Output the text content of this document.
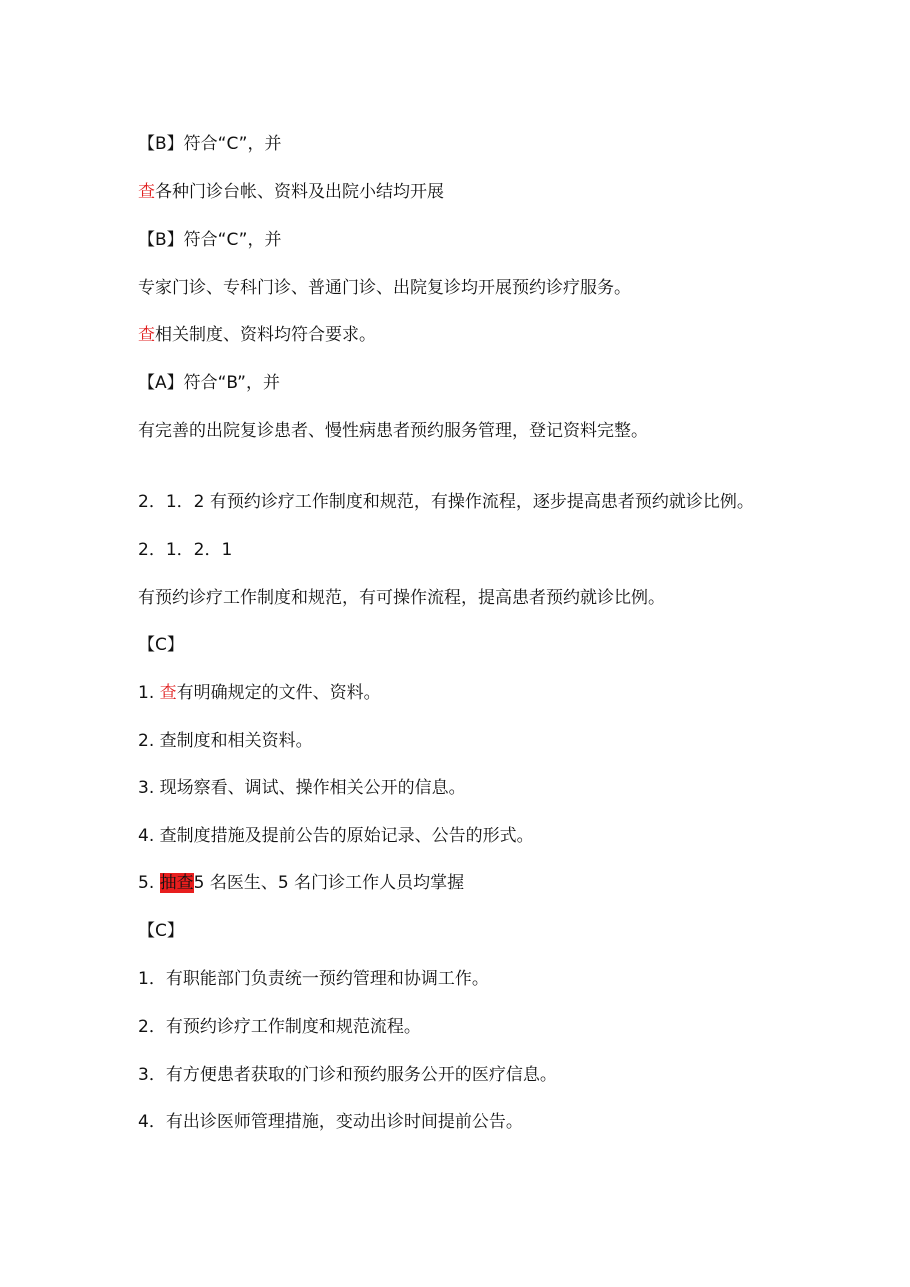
【B】符合“C”，并
查各种门诊台帐、资料及出院小结均开展
【B】符合“C”，并
专家门诊、专科门诊、普通门诊、出院复诊均开展预约诊疗服务。
查相关制度、资料均符合要求。
【A】符合“B”，并
有完善的出院复诊患者、慢性病患者预约服务管理，登记资料完整。
2．1．2 有预约诊疗工作制度和规范，有操作流程，逐步提高患者预约就诊比例。
2．1．2．1
有预约诊疗工作制度和规范，有可操作流程，提高患者预约就诊比例。
【C】
1. 查有明确规定的文件、资料。
2. 查制度和相关资料。
3. 现场察看、调试、操作相关公开的信息。
4. 查制度措施及提前公告的原始记录、公告的形式。
5. 抽查5 名医生、5 名门诊工作人员均掌握
【C】
1．有职能部门负责统一预约管理和协调工作。
2．有预约诊疗工作制度和规范流程。
3．有方便患者获取的门诊和预约服务公开的医疗信息。
4．有出诊医师管理措施，变动出诊时间提前公告。
